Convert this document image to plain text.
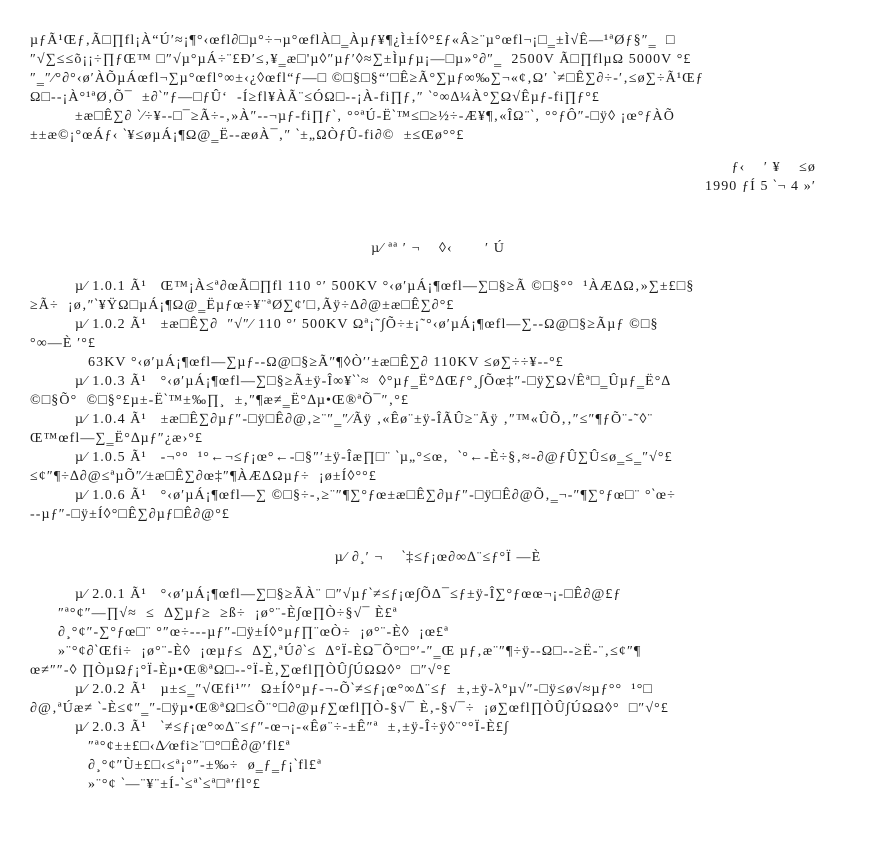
µƒÃ¹Œƒ‚Ã□∏fl¡À“Ú′≈¡¶°‹œfl∂□µ°÷¬µ°œflÀ□‗Àµƒ¥¶¿Ì±Í◊°£ƒ«Â≥¨µ°œfl¬¡□‗±Ì√Ê—¹ªØƒ§″‗  □
″√∑≤≤õ¡¡÷∏ƒŒ™ □″√µ°µÁ÷¨£Ð′≤‚¥‗æ□'µ◊″µƒ′◊≈∑±Ìµƒµ¡—□µ»°∂″‗  2500V Ã□∏flµΩ 5000V °£
″‗″⁄°∂°‹ø′ÀÕµÁœfl¬∑µ°œfl°∞±‹¿◊œfl“ƒ—□ ©□§□§“′□Ê≥Ã°∑µƒ∞‰∑¬«¢‚Ω′ ‵≠□Ê∑∂÷-′‚≤ø∑÷Ã¹Œƒ
Ω□--¡À°¹ªØ‚Õ¯  ±∂‵″ƒ—□ƒÛ‘  -Í≥fl¥ÀÃ¨≤ÓΩ□--¡À-fi∏ƒ‚″ ‵°∞∆¼À°∑Ω√Êµƒ-fi∏ƒ°£
±æ□Ê∑∂ ‵⁄÷¥--□¯≥Ã÷-‚»À″--¬µƒ-fi∏ƒ‵‚ °°ªÚ-Ë‵™≤□≥½÷-Æ¥¶‚«ÎΩ¨‵‚ °°ƒÔ″-□ÿ◊ ¡œ°ƒÀÕ
±±æ©¡°œÁƒ‹ ‵¥≤øµÁ¡¶Ω@‗Ë--æøÀ¯‚″ ‵±„ΩÒƒÛ-fi∂©  ±≤Œø°°£
ƒ‹    ′ ¥    ≤ø
1990 ƒÍ 5 ‵¬ 4 »′
µ⁄ ªª ′ ¬    ◊‹       ′ Ú
µ⁄ 1.0.1 Ã¹   Œ™¡À≤ª∂œÃ□∏fl 110 °′ 500KV °‹ø′µÁ¡¶œfl—∑□§≥Ã ©□§°°  ¹ÀÆΔΩ‚»∑±£□§
≥Ã÷  ¡ø‚″‵¥ŸΩ□µÁ¡¶Ω@‗Ëµƒœ÷¥¨ªØ∑¢′□‚Ãÿ÷Δ∂@±æ□Ê∑∂°£
µ⁄ 1.0.2 Ã¹   ±æ□Ê∑∂  ″√″⁄ 110 °′ 500KV Ωª¡˜∫Õ÷±¡˜°‹ø′µÁ¡¶œfl—∑--Ω@□§≥Ãµƒ ©□§
°∞—È ′°£
63KV °‹ø′µÁ¡¶œfl—∑µƒ--Ω@□§≥Ã″¶◊Ò′′±æ□Ê∑∂ 110KV ≤ø∑÷÷¥--°£
µ⁄ 1.0.3 Ã¹   °‹ø′µÁ¡¶œfl—∑□§≥Ã±ÿ-Î∞¥‵‵≈  ◊°µƒ‗Ë°∆Œƒ°¸∫Õœ‡″-□ÿ∑Ω√Êª□‗Ûµƒ‗Ë°∆
©□§Õ°  ©□§°£µ±-Ë‵™±‰∏¸  ±‚″¶æ≠‗Ë°∆µ•Œ®ªÕ¯″‚°£
µ⁄ 1.0.4 Ã¹   ±æ□Ê∑∂µƒ″-□ÿ□Ê∂@‚≥¨″‗″⁄Ãÿ ‚«Êø¨±ÿ-ÎÃÛ≥¨Ãÿ ‚″™«ÛÕ‚‚″≤″¶ƒÕ¨-˜◊¨
Œ™œfl—∑‗Ë°∆µƒ″¿æ›°£
µ⁄ 1.0.5 Ã¹   -¬°°  ¹°←¬≤ƒ¡œ°←-□§″′±ÿ-Îæ∏□¨ ‵µ„°≤œ‚  ‵°←-È÷§‚≈-∂@ƒÛ∑Û≤ø‗≤‗″√°£
≤¢″¶÷∆∂@≤ªµÕ″⁄±æ□Ê∑∂œ‡″¶ÀÆΔΩµƒ÷  ¡ø±Í◊°°£
µ⁄ 1.0.6 Ã¹   °‹ø′µÁ¡¶œfl—∑ ©□§÷-‚≥¨″¶∑°ƒœ±æ□Ê∑∂µƒ″-□ÿ□Ê∂@Õ‚‗¬-″¶∑°ƒœ□¨ °‵œ÷
--µƒ″-□ÿ±Í◊°□Ê∑∂µƒ□Ê∂@°£
µ⁄ ∂¸′ ¬    ‵‡≤ƒ¡œ∂∞∆¨≤ƒ°Ï —È
µ⁄ 2.0.1 Ã¹   °‹ø′µÁ¡¶œfl—∑□§≥ÃÀ¨ □″√µƒ‵≠≤ƒ¡œ∫ÕΔ¯≤ƒ±ÿ-Î∑°ƒœœ¬¡-□Ê∂@£ƒ
″ª°¢″—∏√≈  ≤  ∆∑µƒ≥  ≥ß÷  ¡ø°¨-È∫œ∏Ò÷§√¯ È£ª
∂¸°¢″-∑°ƒœ□¨ °″œ÷---µƒ″-□ÿ±Í◊°µƒ∏¨œÒ÷  ¡ø°¨-È◊  ¡œ£ª
»¨°¢∂‵Œfi÷  ¡ø°¨-È◊  ¡œµƒ≤  ∆∑‚ªÚ∂‵≤  ∆°Ï-ÈΩ¯Õ°□°′-″‗Œ µƒ‚æ¨″¶÷ÿ--Ω□--≥Ë-¨‚≤¢″¶
œ≠″″-◊ ∏ÒµΩƒ¡°Ï-Èµ•Œ®ªΩ□--°Ï-È‚∑œfl∏ÒÛ∫ÚΩΩ◊°  □″√°£
µ⁄ 2.0.2 Ã¹   µ±≤‗″√Œfi¹″′  Ω±Í◊°µƒ-¬-Õ‵≠≤ƒ¡œ°∞∆¨≤ƒ  ±‚±ÿ-λ°µ√″-□ÿ≤ø√≈µƒ°°  ¹°□
∂@‚ªÚæ≠ ‵-È≤¢″‗″-□ÿµ•Œ®ªΩ□≤Õ¨°□∂@µƒ∑œfl∏Ò-§√¯ È‚-§√¯÷  ¡ø∑œfl∏ÒÛ∫ÚΩΩ◊°  □″√°£
µ⁄ 2.0.3 Ã¹   ‵≠≤ƒ¡œ°∞∆¨≤ƒ″-œ¬¡-«Êø¨÷-±Ê″ª  ±‚±ÿ-Î÷ÿ◊¨°°Ï-È£∫
″ª°¢±±£□‹∆⁄œfi≥¨□°□Ê∂@′fl£ª
∂¸°¢″Ù±£□‹≤ª¡°″-±‰÷  ø‗ƒ‗ƒ¡‵fl£ª
»¨°¢ ‵—¨¥¨±Í-‵≤ª‵≤ª□ª′fl°£
